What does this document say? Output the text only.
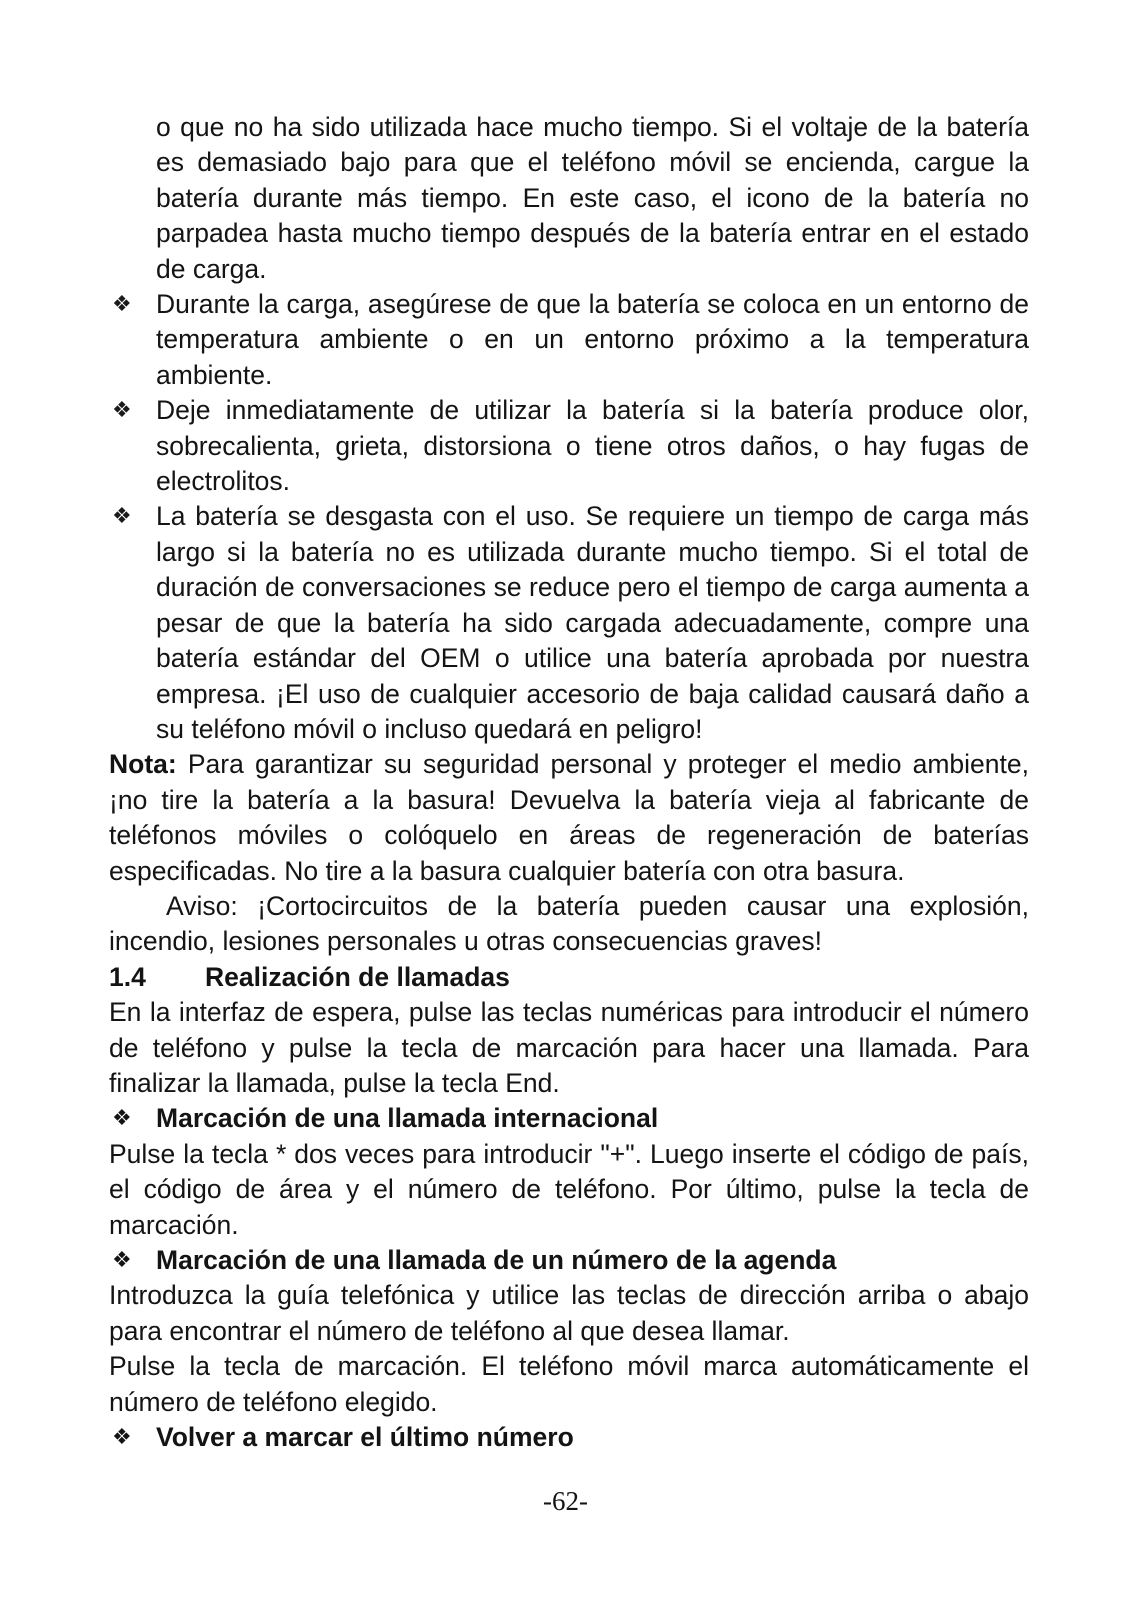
o que no ha sido utilizada hace mucho tiempo. Si el voltaje de la batería es demasiado bajo para que el teléfono móvil se encienda, cargue la batería durante más tiempo. En este caso, el icono de la batería no parpadea hasta mucho tiempo después de la batería entrar en el estado de carga.

❖ Durante la carga, asegúrese de que la batería se coloca en un entorno de temperatura ambiente o en un entorno próximo a la temperatura ambiente.

❖ Deje inmediatamente de utilizar la batería si la batería produce olor, sobrecalienta, grieta, distorsiona o tiene otros daños, o hay fugas de electrolitos.

❖ La batería se desgasta con el uso. Se requiere un tiempo de carga más largo si la batería no es utilizada durante mucho tiempo. Si el total de duración de conversaciones se reduce pero el tiempo de carga aumenta a pesar de que la batería ha sido cargada adecuadamente, compre una batería estándar del OEM o utilice una batería aprobada por nuestra empresa. ¡El uso de cualquier accesorio de baja calidad causará daño a su teléfono móvil o incluso quedará en peligro!

Nota: Para garantizar su seguridad personal y proteger el medio ambiente, ¡no tire la batería a la basura! Devuelva la batería vieja al fabricante de teléfonos móviles o colóquelo en áreas de regeneración de baterías especificadas. No tire a la basura cualquier batería con otra basura.

Aviso: ¡Cortocircuitos de la batería pueden causar una explosión, incendio, lesiones personales u otras consecuencias graves!

1.4 Realización de llamadas

En la interfaz de espera, pulse las teclas numéricas para introducir el número de teléfono y pulse la tecla de marcación para hacer una llamada. Para finalizar la llamada, pulse la tecla End.

❖ Marcación de una llamada internacional

Pulse la tecla * dos veces para introducir "+". Luego inserte el código de país, el código de área y el número de teléfono. Por último, pulse la tecla de marcación.

❖ Marcación de una llamada de un número de la agenda

Introduzca la guía telefónica y utilice las teclas de dirección arriba o abajo para encontrar el número de teléfono al que desea llamar.

Pulse la tecla de marcación. El teléfono móvil marca automáticamente el número de teléfono elegido.

❖ Volver a marcar el último número

-62-
